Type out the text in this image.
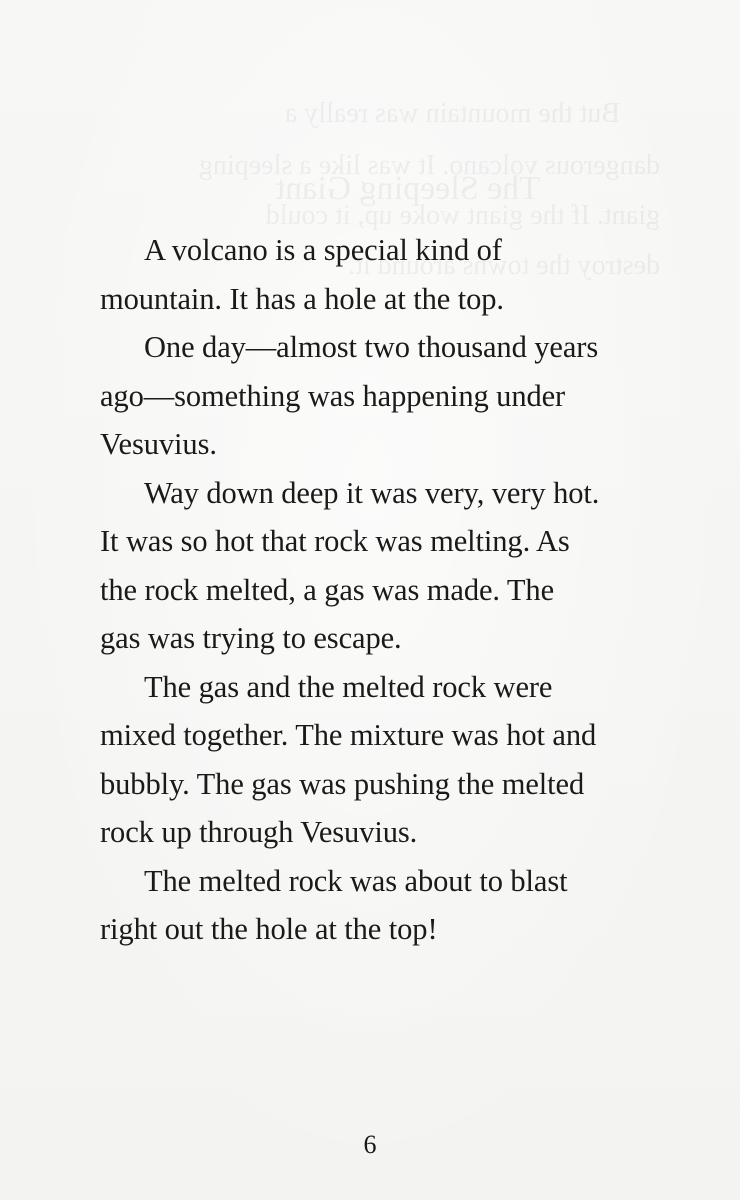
But the mountain was really a
dangerous volcano. It was like a sleeping
giant. If the giant woke up, it could
destroy the towns around it.
The Sleeping Giant

A volcano is a special kind of
mountain. It has a hole at the top.

One day—almost two thousand years
ago—something was happening under
Vesuvius.

Way down deep it was very, very hot.
It was so hot that rock was melting. As
the rock melted, a gas was made. The
gas was trying to escape.

The gas and the melted rock were
mixed together. The mixture was hot and
bubbly. The gas was pushing the melted
rock up through Vesuvius.

The melted rock was about to blast
right out the hole at the top!

6
